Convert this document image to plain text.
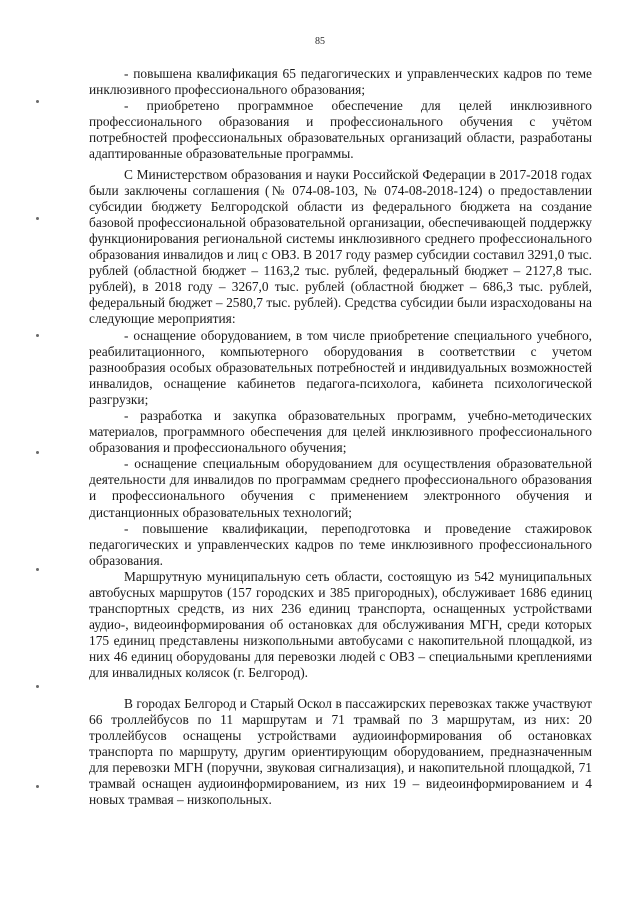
85

- повышена квалификация 65 педагогических и управленческих кадров по теме инклюзивного профессионального образования;

- приобретено программное обеспечение для целей инклюзивного профессионального образования и профессионального обучения с учётом потребностей профессиональных образовательных организаций области, разработаны адаптированные образовательные программы.

С Министерством образования и науки Российской Федерации в 2017-2018 годах были заключены соглашения (№ 074-08-103, № 074-08-2018-124) о предоставлении субсидии бюджету Белгородской области из федерального бюджета на создание базовой профессиональной образовательной организации, обеспечивающей поддержку функционирования региональной системы инклюзивного среднего профессионального образования инвалидов и лиц с ОВЗ. В 2017 году размер субсидии составил 3291,0 тыс. рублей (областной бюджет – 1163,2 тыс. рублей, федеральный бюджет – 2127,8 тыс. рублей), в 2018 году – 3267,0 тыс. рублей (областной бюджет – 686,3 тыс. рублей, федеральный бюджет – 2580,7 тыс. рублей). Средства субсидии были израсходованы на следующие мероприятия:

- оснащение оборудованием, в том числе приобретение специального учебного, реабилитационного, компьютерного оборудования в соответствии с учетом разнообразия особых образовательных потребностей и индивидуальных возможностей инвалидов, оснащение кабинетов педагога-психолога, кабинета психологической разгрузки;

- разработка и закупка образовательных программ, учебно-методических материалов, программного обеспечения для целей инклюзивного профессионального образования и профессионального обучения;

- оснащение специальным оборудованием для осуществления образовательной деятельности для инвалидов по программам среднего профессионального образования и профессионального обучения с применением электронного обучения и дистанционных образовательных технологий;

- повышение квалификации, переподготовка и проведение стажировок педагогических и управленческих кадров по теме инклюзивного профессионального образования.

Маршрутную муниципальную сеть области, состоящую из 542 муниципальных автобусных маршрутов (157 городских и 385 пригородных), обслуживает 1686 единиц транспортных средств, из них 236 единиц транспорта, оснащенных устройствами аудио-, видеоинформирования об остановках для обслуживания МГН, среди которых 175 единиц представлены низкопольными автобусами с накопительной площадкой, из них 46 единиц оборудованы для перевозки людей с ОВЗ – специальными креплениями для инвалидных колясок (г. Белгород).

В городах Белгород и Старый Оскол в пассажирских перевозках также участвуют 66 троллейбусов по 11 маршрутам и 71 трамвай по 3 маршрутам, из них: 20 троллейбусов оснащены устройствами аудиоинформирования об остановках транспорта по маршруту, другим ориентирующим оборудованием, предназначенным для перевозки МГН (поручни, звуковая сигнализация), и накопительной площадкой, 71 трамвай оснащен аудиоинформированием, из них 19 – видеоинформированием и 4 новых трамвая – низкопольных.
